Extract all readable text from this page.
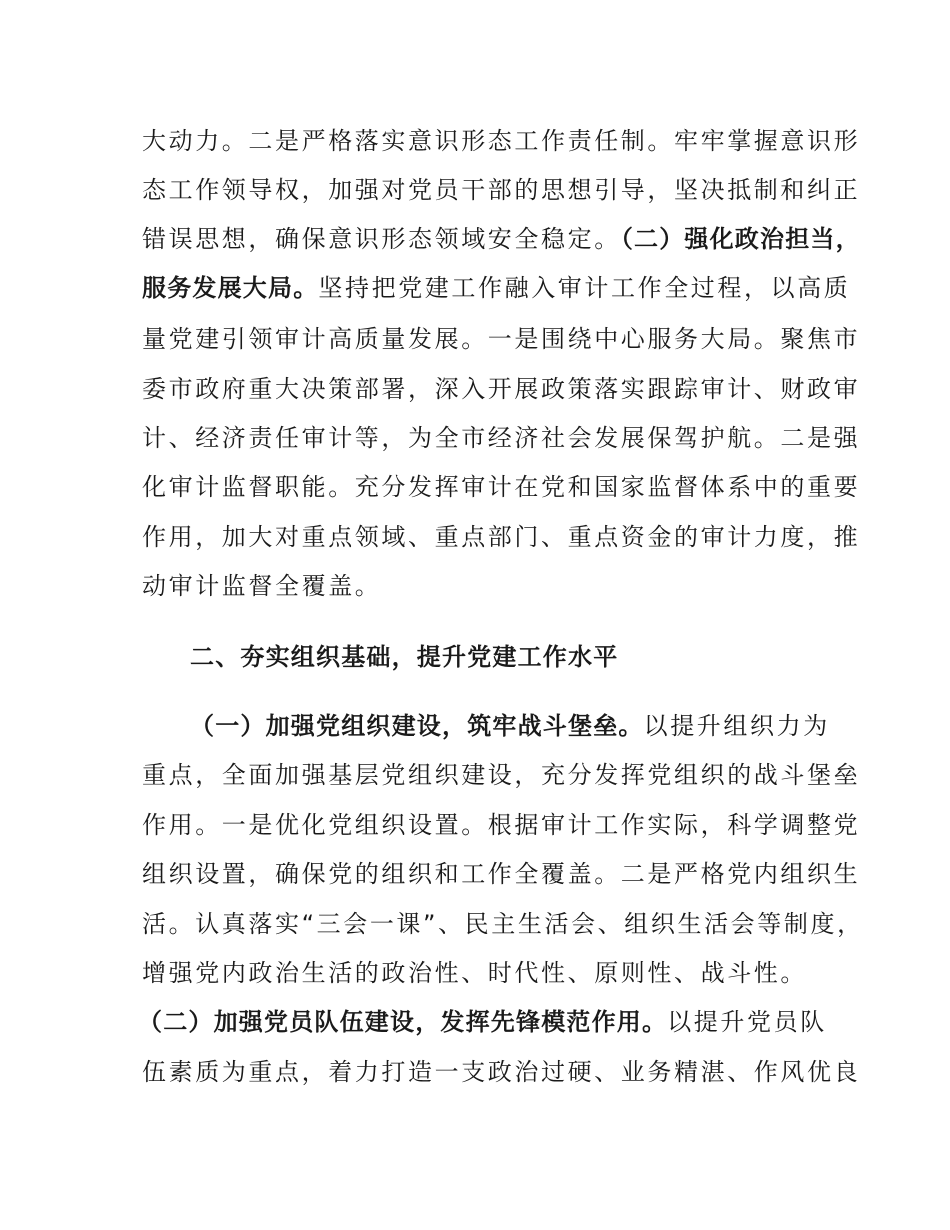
大动力。二是严格落实意识形态工作责任制。牢牢掌握意识形
态工作领导权，加强对党员干部的思想引导，坚决抵制和纠正
错误思想，确保意识形态领域安全稳定。（二）强化政治担当，
服务发展大局。坚持把党建工作融入审计工作全过程，以高质
量党建引领审计高质量发展。一是围绕中心服务大局。聚焦市
委市政府重大决策部署，深入开展政策落实跟踪审计、财政审
计、经济责任审计等，为全市经济社会发展保驾护航。二是强
化审计监督职能。充分发挥审计在党和国家监督体系中的重要
作用，加大对重点领域、重点部门、重点资金的审计力度，推
动审计监督全覆盖。
二、夯实组织基础，提升党建工作水平
（一）加强党组织建设，筑牢战斗堡垒。以提升组织力为
重点，全面加强基层党组织建设，充分发挥党组织的战斗堡垒
作用。一是优化党组织设置。根据审计工作实际，科学调整党
组织设置，确保党的组织和工作全覆盖。二是严格党内组织生
活。认真落实“三会一课”、民主生活会、组织生活会等制度，
增强党内政治生活的政治性、时代性、原则性、战斗性。
（二）加强党员队伍建设，发挥先锋模范作用。以提升党员队
伍素质为重点，着力打造一支政治过硬、业务精湛、作风优良
